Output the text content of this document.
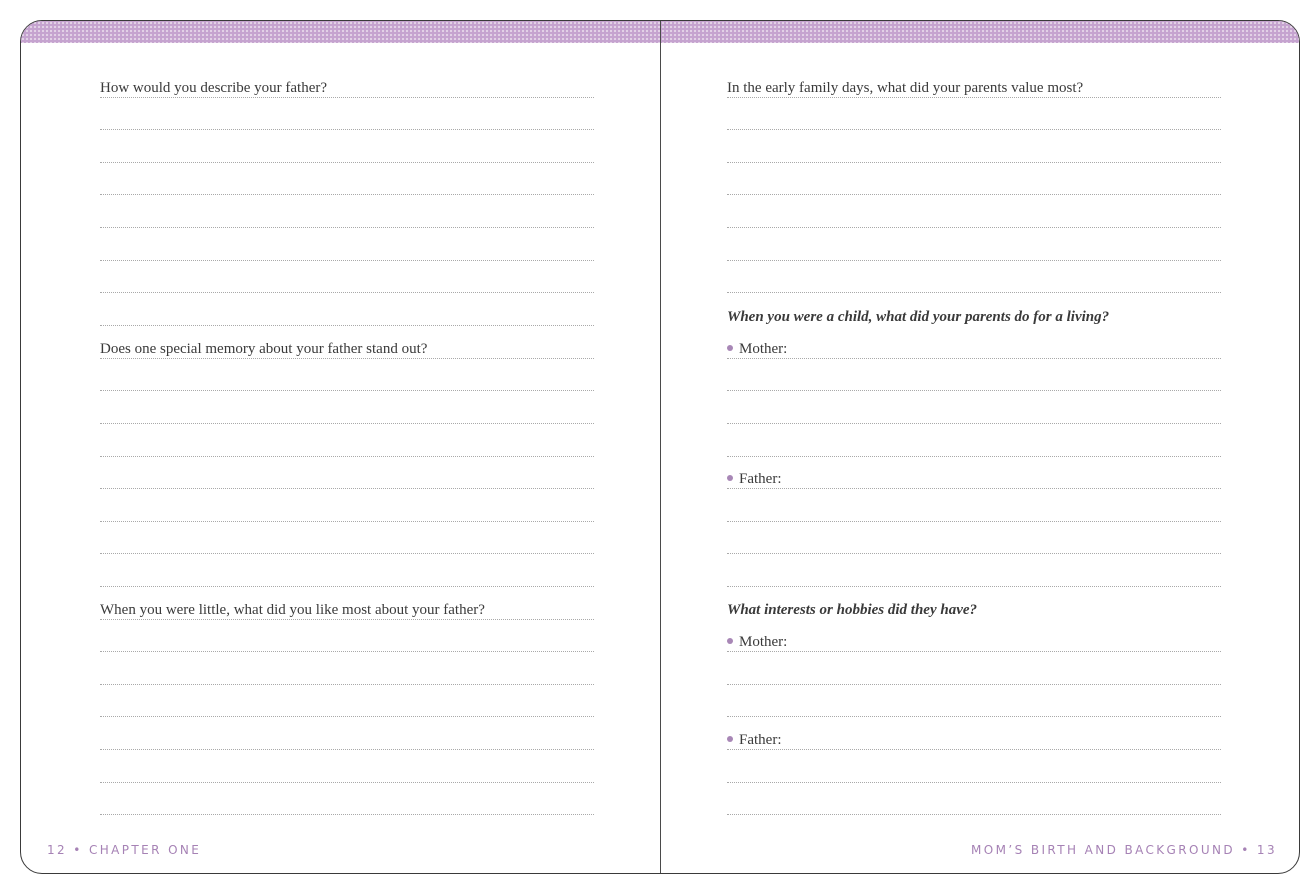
How would you describe your father?
Does one special memory about your father stand out?
When you were little, what did you like most about your father?
12 • CHAPTER ONE
In the early family days, what did your parents value most?
When you were a child, what did your parents do for a living?
Mother:
Father:
What interests or hobbies did they have?
Mother:
Father:
MOM’S BIRTH AND BACKGROUND • 13
